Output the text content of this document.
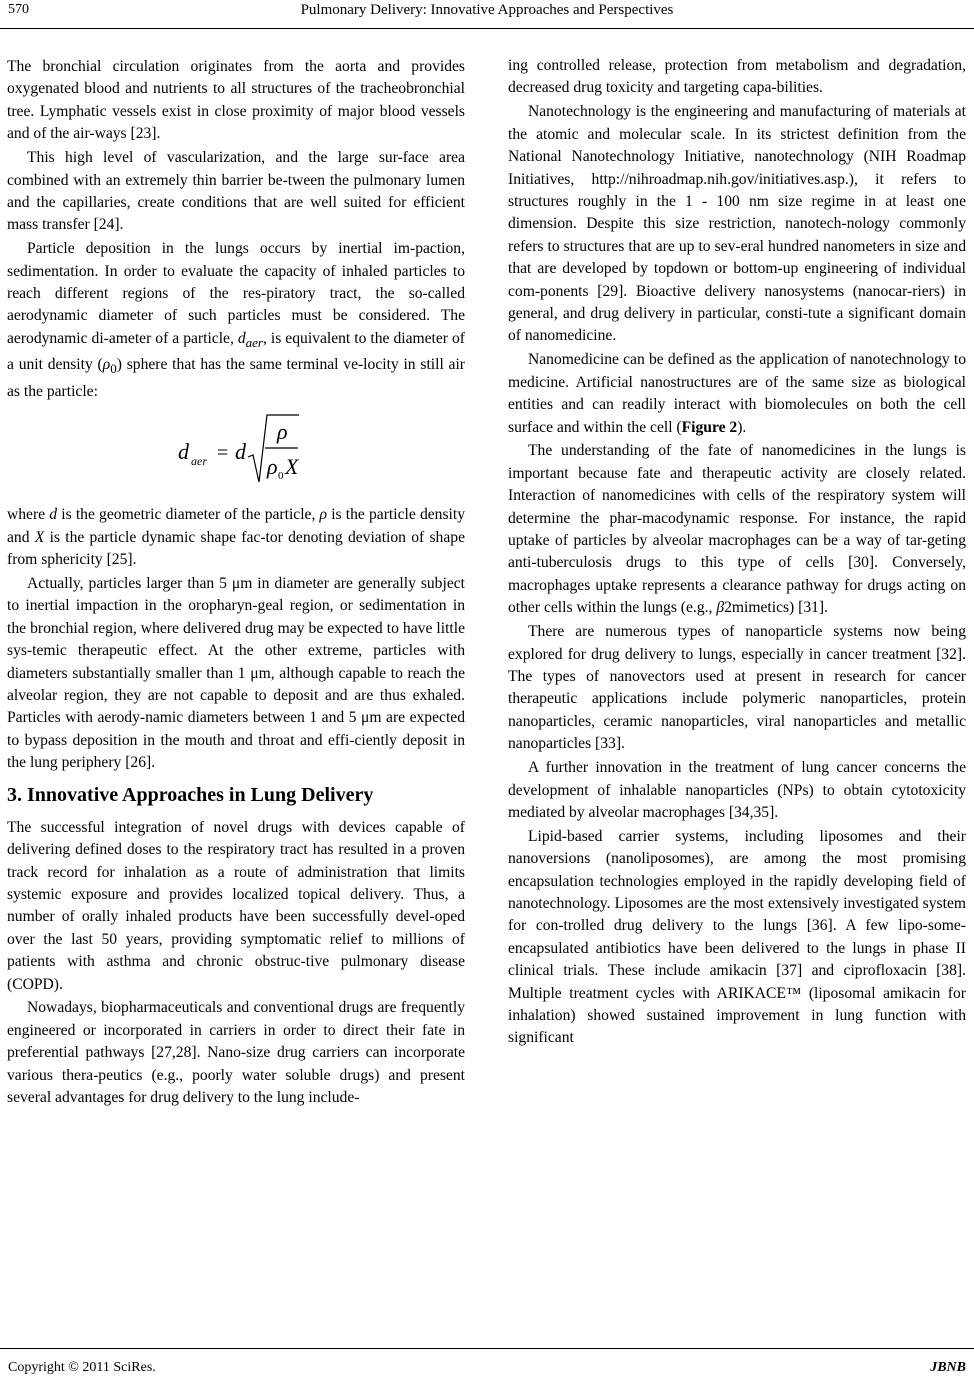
570	Pulmonary Delivery: Innovative Approaches and Perspectives

The bronchial circulation originates from the aorta and provides oxygenated blood and nutrients to all structures of the tracheobronchial tree. Lymphatic vessels exist in close proximity of major blood vessels and of the air-ways [23].

This high level of vascularization, and the large sur-face area combined with an extremely thin barrier be-tween the pulmonary lumen and the capillaries, create conditions that are well suited for efficient mass transfer [24].

Particle deposition in the lungs occurs by inertial im-paction, sedimentation. In order to evaluate the capacity of inhaled particles to reach different regions of the res-piratory tract, the so-called aerodynamic diameter of such particles must be considered. The aerodynamic di-ameter of a particle, $d_{aer}$, is equivalent to the diameter of a unit density $(\rho_0)$ sphere that has the same terminal ve-locity in still air as the particle:

d aer = d
ρ
ρ 0 X

where d is the geometric diameter of the particle, ρ is the particle density and X is the particle dynamic shape fac-tor denoting deviation of shape from sphericity [25].

Actually, particles larger than 5 μm in diameter are generally subject to inertial impaction in the oropharyn-geal region, or sedimentation in the bronchial region, where delivered drug may be expected to have little sys-temic therapeutic effect. At the other extreme, particles with diameters substantially smaller than 1 μm, although capable to reach the alveolar region, they are not capable to deposit and are thus exhaled. Particles with aerody-namic diameters between 1 and 5 μm are expected to bypass deposition in the mouth and throat and effi-ciently deposit in the lung periphery [26].

3. Innovative Approaches in Lung Delivery

The successful integration of novel drugs with devices capable of delivering defined doses to the respiratory tract has resulted in a proven track record for inhalation as a route of administration that limits systemic exposure and provides localized topical delivery. Thus, a number of orally inhaled products have been successfully devel-oped over the last 50 years, providing symptomatic relief to millions of patients with asthma and chronic obstruc-tive pulmonary disease (COPD).

Nowadays, biopharmaceuticals and conventional drugs are frequently engineered or incorporated in carriers in order to direct their fate in preferential pathways [27,28]. Nano-size drug carriers can incorporate various thera-peutics (e.g., poorly water soluble drugs) and present several advantages for drug delivery to the lung include-

ing controlled release, protection from metabolism and degradation, decreased drug toxicity and targeting capa-bilities.

Nanotechnology is the engineering and manufacturing of materials at the atomic and molecular scale. In its strictest definition from the National Nanotechnology Initiative, nanotechnology (NIH Roadmap Initiatives, http://nihroadmap.nih.gov/initiatives.asp.), it refers to structures roughly in the 1 - 100 nm size regime in at least one dimension. Despite this size restriction, nanotech-nology commonly refers to structures that are up to sev-eral hundred nanometers in size and that are developed by topdown or bottom-up engineering of individual com-ponents [29]. Bioactive delivery nanosystems (nanocar-riers) in general, and drug delivery in particular, consti-tute a significant domain of nanomedicine.

Nanomedicine can be defined as the application of nanotechnology to medicine. Artificial nanostructures are of the same size as biological entities and can readily interact with biomolecules on both the cell surface and within the cell (Figure 2).

The understanding of the fate of nanomedicines in the lungs is important because fate and therapeutic activity are closely related. Interaction of nanomedicines with cells of the respiratory system will determine the phar-macodynamic response. For instance, the rapid uptake of particles by alveolar macrophages can be a way of tar-geting anti-tuberculosis drugs to this type of cells [30]. Conversely, macrophages uptake represents a clearance pathway for drugs acting on other cells within the lungs (e.g., β2mimetics) [31].

There are numerous types of nanoparticle systems now being explored for drug delivery to lungs, especially in cancer treatment [32]. The types of nanovectors used at present in research for cancer therapeutic applications include polymeric nanoparticles, protein nanoparticles, ceramic nanoparticles, viral nanoparticles and metallic nanoparticles [33].

A further innovation in the treatment of lung cancer concerns the development of inhalable nanoparticles (NPs) to obtain cytotoxicity mediated by alveolar macrophages [34,35].

Lipid-based carrier systems, including liposomes and their nanoversions (nanoliposomes), are among the most promising encapsulation technologies employed in the rapidly developing field of nanotechnology. Liposomes are the most extensively investigated system for con-trolled drug delivery to the lungs [36]. A few lipo-some-encapsulated antibiotics have been delivered to the lungs in phase II clinical trials. These include amikacin [37] and ciprofloxacin [38]. Multiple treatment cycles with ARIKACE™ (liposomal amikacin for inhalation) showed sustained improvement in lung function with significant

Copyright © 2011 SciRes.	JBNB
